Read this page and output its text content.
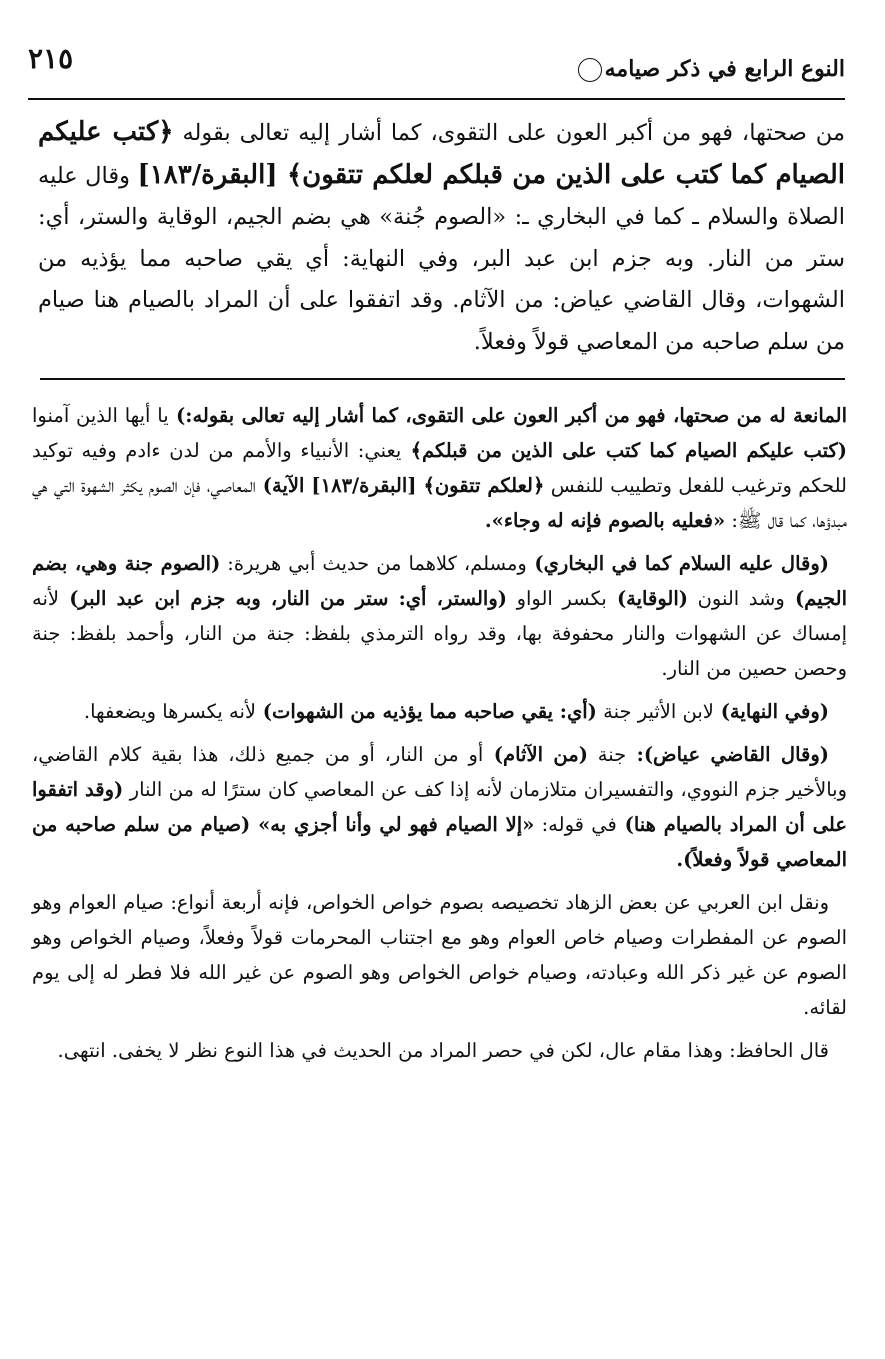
٢١٥	النوع الرابع في ذكر صيامه

من صحتها، فهو من أكبر العون على التقوى، كما أشار إليه تعالى بقوله ﴿كتب عليكم الصيام كما كتب على الذين من قبلكم لعلكم تتقون﴾ [البقرة/١٨٣] وقال عليه الصلاة والسلام ـ كما في البخاري ـ: «الصوم جُنة» هي بضم الجيم، الوقاية والستر، أي: ستر من النار. وبه جزم ابن عبد البر، وفي النهاية: أي يقي صاحبه مما يؤذيه من الشهوات، وقال القاضي عياض: من الآثام. وقد اتفقوا على أن المراد بالصيام هنا صيام من سلم صاحبه من المعاصي قولاً وفعلاً.

المانعة له من صحتها، فهو من أكبر العون على التقوى، كما أشار إليه تعالى بقوله:) يا أيها الذين آمنوا (كتب عليكم الصيام كما كتب على الذين من قبلكم﴾ يعني: الأنبياء والأمم من لدن ءادم وفيه توكيد للحكم وترغيب للفعل وتطييب للنفس ﴿لعلكم تتقون﴾ [البقرة/١٨٣] الآية) المعاصي، فإن الصوم يكثر الشهوة التي هي مبدؤها، كما قال ﷺ: «فعليه بالصوم فإنه له وجاء».

(وقال عليه السلام كما في البخاري) ومسلم، كلاهما من حديث أبي هريرة: (الصوم جنة وهي، بضم الجيم) وشد النون (الوقاية) بكسر الواو (والستر، أي: ستر من النار، وبه جزم ابن عبد البر) لأنه إمساك عن الشهوات والنار محفوفة بها، وقد رواه الترمذي بلفظ: جنة من النار، وأحمد بلفظ: جنة وحصن حصين من النار.

(وفي النهاية) لابن الأثير جنة (أي: يقي صاحبه مما يؤذيه من الشهوات) لأنه يكسرها ويضعفها.

(وقال القاضي عياض): جنة (من الآثام) أو من النار، أو من جميع ذلك، هذا بقية كلام القاضي، وبالأخير جزم النووي، والتفسيران متلازمان لأنه إذا كف عن المعاصي كان سترًا له من النار (وقد اتفقوا على أن المراد بالصيام هنا) في قوله: «إلا الصيام فهو لي وأنا أجزي به» (صيام من سلم صاحبه من المعاصي قولاً وفعلاً).

ونقل ابن العربي عن بعض الزهاد تخصيصه بصوم خواص الخواص، فإنه أربعة أنواع: صيام العوام وهو الصوم عن المفطرات وصيام خاص العوام وهو مع اجتناب المحرمات قولاً وفعلاً، وصيام الخواص وهو الصوم عن غير ذكر الله وعبادته، وصيام خواص الخواص وهو الصوم عن غير الله فلا فطر له إلى يوم لقائه.

قال الحافظ: وهذا مقام عال، لكن في حصر المراد من الحديث في هذا النوع نظر لا يخفى. انتهى.
